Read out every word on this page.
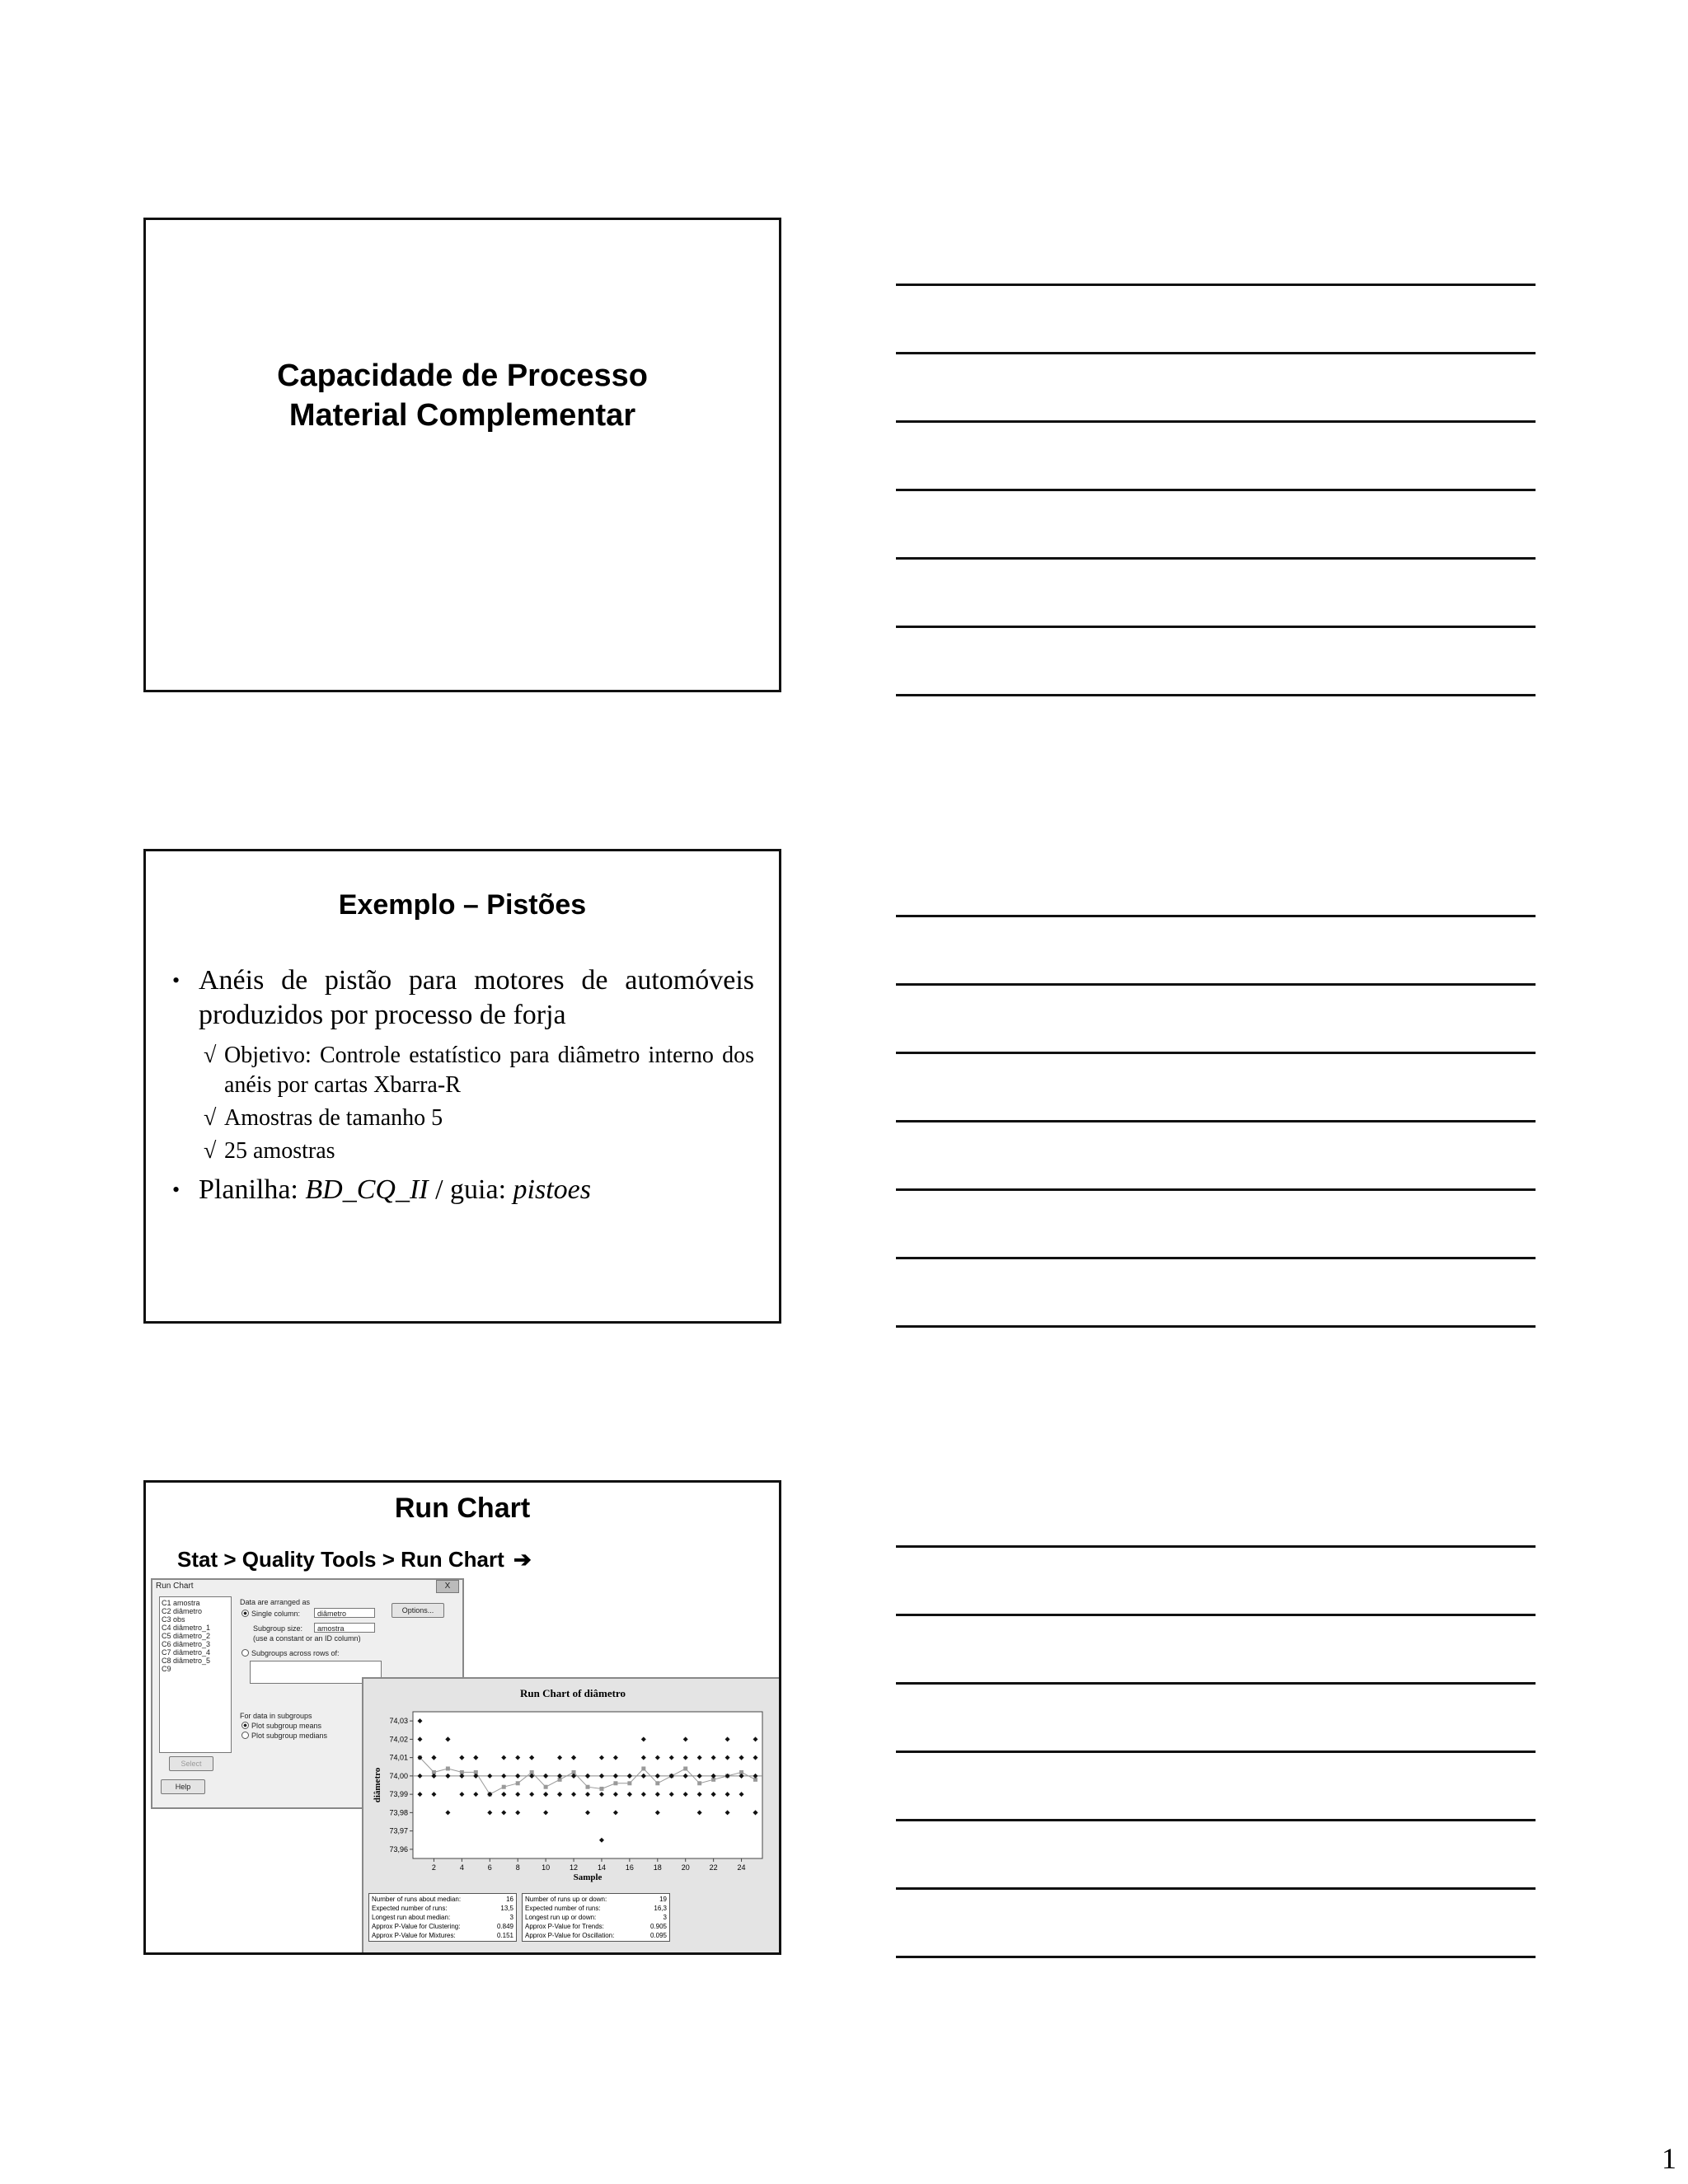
Capacidade de Processo
Material Complementar
Exemplo – Pistões
• Anéis de pistão para motores de automóveis produzidos por processo de forja
√ Objetivo: Controle estatístico para diâmetro interno dos anéis por cartas Xbarra-R
√ Amostras de tamanho 5
√ 25 amostras
• Planilha: BD_CQ_II / guia: pistoes
Run Chart
Stat > Quality Tools > Run Chart ➔
Run Chart	X
C1 amostra
C2 diâmetro
C3 obs
C4 diâmetro_1
C5 diâmetro_2
C6 diâmetro_3
C7 diâmetro_4
C8 diâmetro_5
C9
Data are arranged as
Single column:	diâmetro
Subgroup size:	amostra
(use a constant or an ID column)
Subgroups across rows of:
For data in subgroups
Plot subgroup means
Plot subgroup medians
Options...
Select
Help
Run Chart of diâmetro
74,03
74,02
74,01
74,00
73,99
73,98
73,97
73,96
2	4	6	8	10	12	14	16	18	20	22	24
Sample
diâmetro
Number of runs about median:	16
Expected number of runs:	13,5
Longest run about median:	3
Approx P-Value for Clustering:	0.849
Approx P-Value for Mixtures:	0.151
Number of runs up or down:	19
Expected number of runs:	16,3
Longest run up or down:	3
Approx P-Value for Trends:	0.905
Approx P-Value for Oscillation:	0.095
1
